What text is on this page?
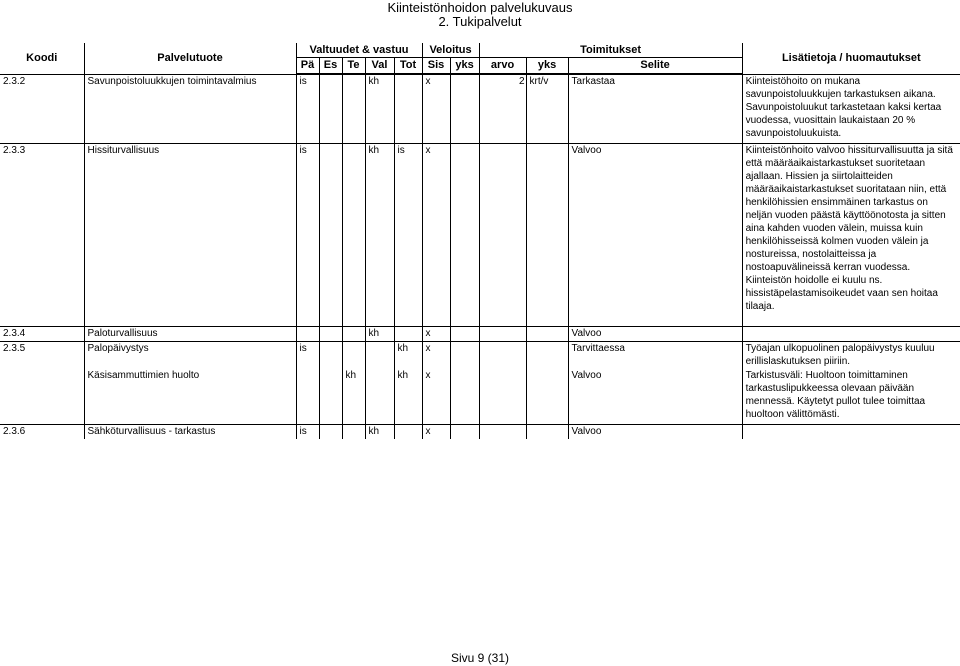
Kiinteistönhoidon palvelukuvaus
2. Tukipalvelut
Koodi	Palvelutuote	Valtuudet & vastuu					Veloitus		Toimitukset			Lisätietoja / huomautukset
		Pä	Es	Te	Val	Tot	Sis	yks	arvo	yks	Selite	
2.3.2	Savunpoistoluukkujen toimintavalmius	is			kh		x		2	krt/v	Tarkastaa	Kiinteistöhoito on mukana savunpoistoluukkujen tarkastuksen aikana. Savunpoistoluukut tarkastetaan kaksi kertaa vuodessa, vuosittain laukaistaan 20 % savunpoistoluukuista.
2.3.3	Hissiturvallisuus	is			kh	is	x				Valvoo	Kiinteistönhoito valvoo hissiturvallisuutta ja sitä että määräaikaistarkastukset suoritetaan ajallaan. Hissien ja siirtolaitteiden määräaikaistarkastukset suoritataan niin, että henkilöhissien ensimmäinen tarkastus on neljän vuoden päästä käyttöönotosta ja sitten aina kahden vuoden välein, muissa kuin henkilöhisseissä kolmen vuoden välein ja nostureissa, nostolaitteissa ja nostoapuvälineissä kerran vuodessa. Kiinteistön hoidolle ei kuulu ns. hissistäpelastamisoikeudet vaan sen hoitaa tilaaja.
2.3.4	Paloturvallisuus				kh		x				Valvoo	
2.3.5	Palopäivystys	is				kh	x				Tarvittaessa	Työajan ulkopuolinen palopäivystys kuuluu erillislaskutuksen piiriin.
	Käsisammuttimien huolto			kh		kh	x				Valvoo	Tarkistusväli: Huoltoon toimittaminen tarkastuslipukkeessa olevaan päivään mennessä. Käytetyt pullot tulee toimittaa huoltoon välittömästi.
2.3.6	Sähköturvallisuus - tarkastus	is			kh		x				Valvoo	
Sivu 9 (31)
